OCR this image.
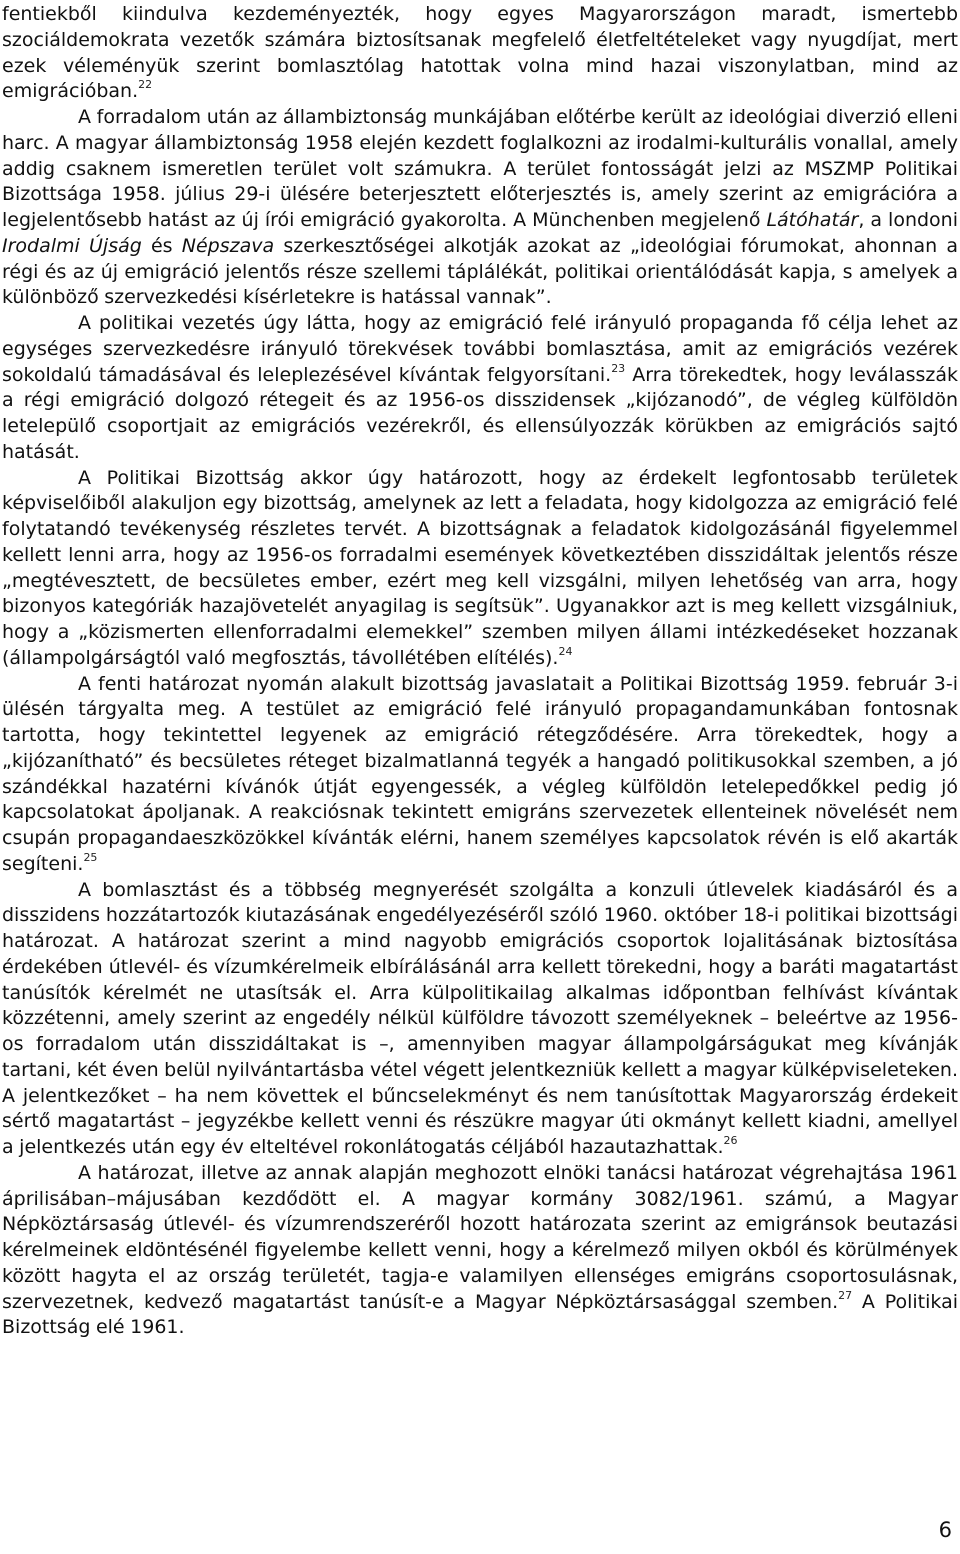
fentiekből kiindulva kezdeményezték, hogy egyes Magyarországon maradt, ismertebb szociáldemokrata vezetők számára biztosítsanak megfelelő életfeltételeket vagy nyugdíjat, mert ezek véleményük szerint bomlasztólag hatottak volna mind hazai viszonylatban, mind az emigrációban.$^{22}$

A forradalom után az állambiztonság munkájában előtérbe került az ideológiai diverzió elleni harc. A magyar állambiztonság 1958 elején kezdett foglalkozni az irodalmi-kulturális vonallal, amely addig csaknem ismeretlen terület volt számukra. A terület fontosságát jelzi az MSZMP Politikai Bizottsága 1958. július 29-i ülésére beterjesztett előterjesztés is, amely szerint az emigrációra a legjelentősebb hatást az új írói emigráció gyakorolta. A Münchenben megjelenő Látóhatár, a londoni Irodalmi Újság és Népszava szerkesztőségei alkotják azokat az „ideológiai fórumokat, ahonnan a régi és az új emigráció jelentős része szellemi táplálékát, politikai orientálódását kapja, s amelyek a különböző szervezkedési kísérletekre is hatással vannak”.

A politikai vezetés úgy látta, hogy az emigráció felé irányuló propaganda fő célja lehet az egységes szervezkedésre irányuló törekvések további bomlasztása, amit az emigrációs vezérek sokoldalú támadásával és leleplezésével kívántak felgyorsítani.$^{23}$ Arra törekedtek, hogy leválasszák a régi emigráció dolgozó rétegeit és az 1956-os disszidensek „kijózanodó”, de végleg külföldön letelepülő csoportjait az emigrációs vezérekről, és ellensúlyozzák körükben az emigrációs sajtó hatását.

A Politikai Bizottság akkor úgy határozott, hogy az érdekelt legfontosabb területek képviselőiből alakuljon egy bizottság, amelynek az lett a feladata, hogy kidolgozza az emigráció felé folytatandó tevékenység részletes tervét. A bizottságnak a feladatok kidolgozásánál figyelemmel kellett lenni arra, hogy az 1956-os forradalmi események következtében disszidáltak jelentős része „megtévesztett, de becsületes ember, ezért meg kell vizsgálni, milyen lehetőség van arra, hogy bizonyos kategóriák hazajövetelét anyagilag is segítsük”. Ugyanakkor azt is meg kellett vizsgálniuk, hogy a „közismerten ellenforradalmi elemekkel” szemben milyen állami intézkedéseket hozzanak (állampolgárságtól való megfosztás, távollétében elítélés).$^{24}$

A fenti határozat nyomán alakult bizottság javaslatait a Politikai Bizottság 1959. február 3-i ülésén tárgyalta meg. A testület az emigráció felé irányuló propagandamunkában fontosnak tartotta, hogy tekintettel legyenek az emigráció rétegződésére. Arra törekedtek, hogy a „kijózanítható” és becsületes réteget bizalmatlanná tegyék a hangadó politikusokkal szemben, a jó szándékkal hazatérni kívánók útját egyengessék, a végleg külföldön letelepedőkkel pedig jó kapcsolatokat ápoljanak. A reakciósnak tekintett emigráns szervezetek ellenteinek növelését nem csupán propagandaeszközökkel kívánták elérni, hanem személyes kapcsolatok révén is elő akarták segíteni.$^{25}$

A bomlasztást és a többség megnyerését szolgálta a konzuli útlevelek kiadásáról és a disszidens hozzátartozók kiutazásának engedélyezéséről szóló 1960. október 18-i politikai bizottsági határozat. A határozat szerint a mind nagyobb emigrációs csoportok lojalitásának biztosítása érdekében útlevél- és vízumkérelmeik elbírálásánál arra kellett törekedni, hogy a baráti magatartást tanúsítók kérelmét ne utasítsák el. Arra külpolitikailag alkalmas időpontban felhívást kívántak közzétenni, amely szerint az engedély nélkül külföldre távozott személyeknek – beleértve az 1956-os forradalom után disszidáltakat is –, amennyiben magyar állampolgárságukat meg kívánják tartani, két éven belül nyilvántartásba vétel végett jelentkezniük kellett a magyar külképviseleteken. A jelentkezőket – ha nem követtek el bűncselekményt és nem tanúsítottak Magyarország érdekeit sértő magatartást – jegyzékbe kellett venni és részükre magyar úti okmányt kellett kiadni, amellyel a jelentkezés után egy év elteltével rokonlátogatás céljából hazautazhattak.$^{26}$

A határozat, illetve az annak alapján meghozott elnöki tanácsi határozat végrehajtása 1961 áprilisában–májusában kezdődött el. A magyar kormány 3082/1961. számú, a Magyar Népköztársaság útlevél- és vízumrendszeréről hozott határozata szerint az emigránsok beutazási kérelmeinek eldöntésénél figyelembe kellett venni, hogy a kérelmező milyen okból és körülmények között hagyta el az ország területét, tagja-e valamilyen ellenséges emigráns csoportosulásnak, szervezetnek, kedvező magatartást tanúsít-e a Magyar Népköztársasággal szemben.$^{27}$ A Politikai Bizottság elé 1961.

6
